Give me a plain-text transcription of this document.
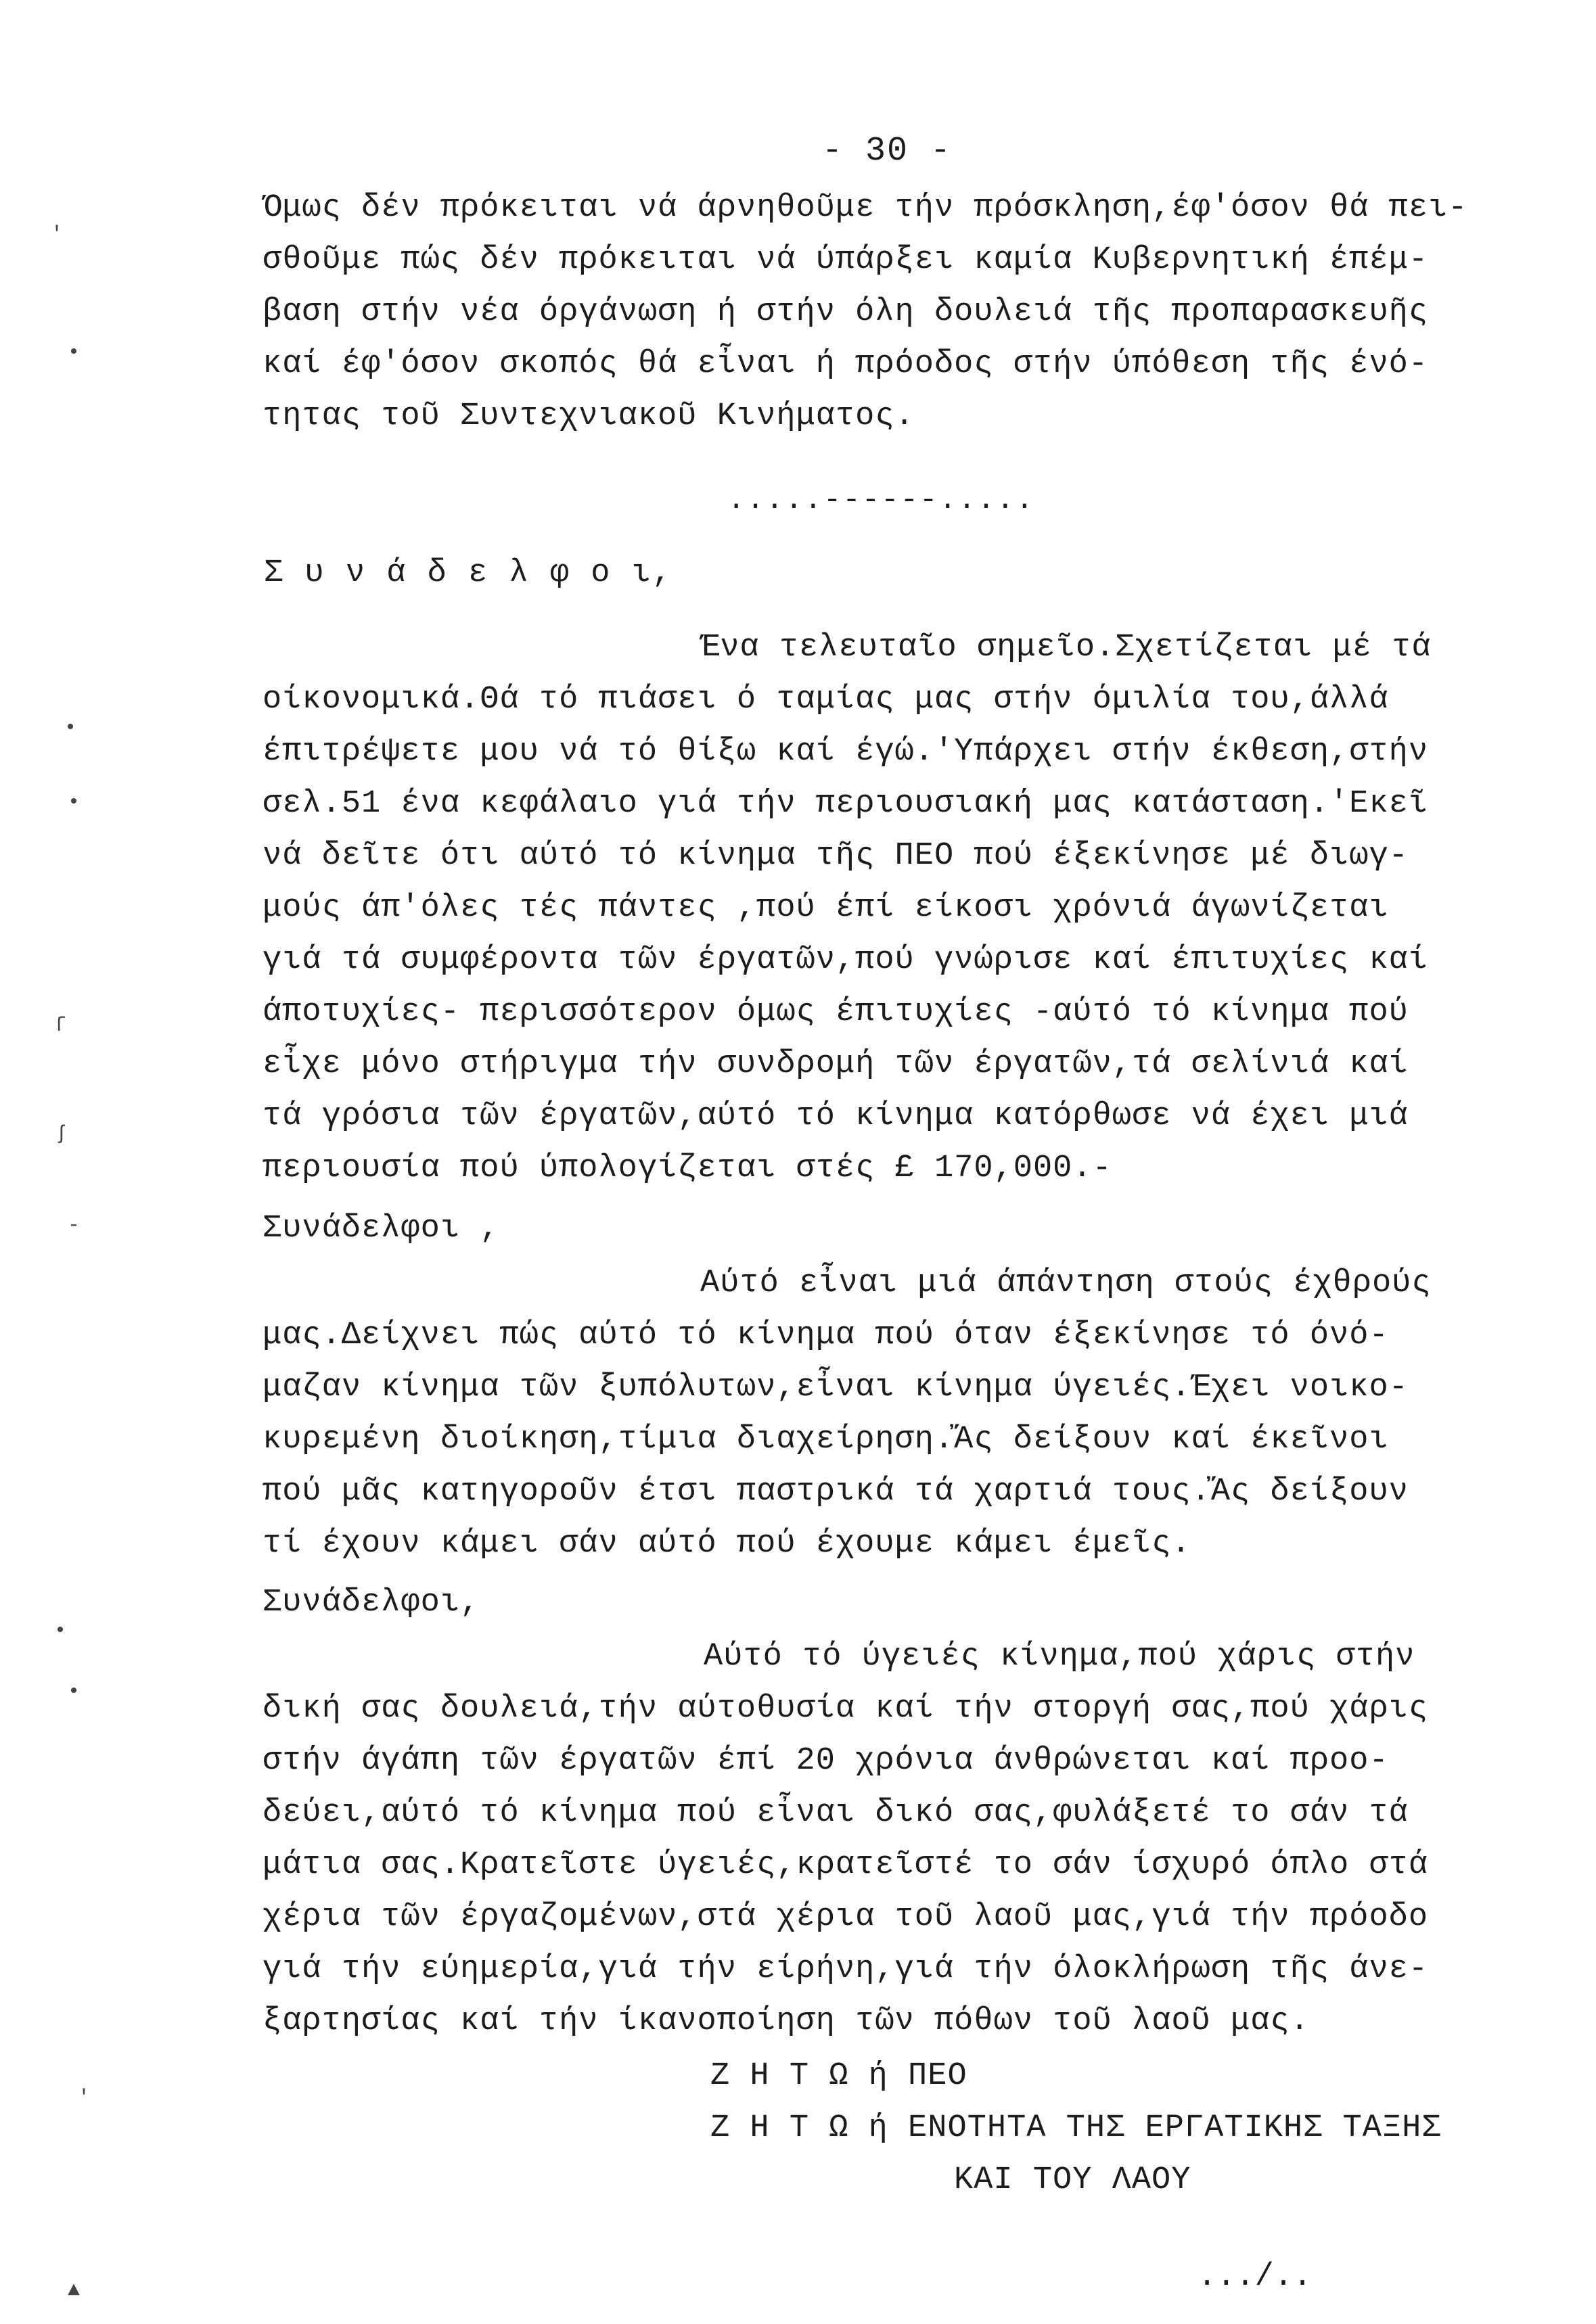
- 30 -
Όμως δέν πρόκειται νά άρνηθοῦμε τήν πρόσκληση,έφ'όσον θά πει-
σθοῦμε πώς δέν πρόκειται νά ύπάρξει καμία Κυβερνητική έπέμ-
βαση στήν νέα όργάνωση ή στήν όλη δουλειά τῆς προπαρασκευῆς
καί έφ'όσον σκοπός θά εἶναι ή πρόοδος στήν ύπόθεση τῆς ένό-
τητας τοῦ Συντεχνιακοῦ Κινήματος.
.....------.....
Σ υ ν ά δ ε λ φ ο ι,
Ένα τελευταῖο σημεῖο.Σχετίζεται μέ τά
οίκονομικά.Θά τό πιάσει ό ταμίας μας στήν όμιλία του,άλλά
έπιτρέψετε μου νά τό θίξω καί έγώ.'Υπάρχει στήν έκθεση,στήν
σελ.51 ένα κεφάλαιο γιά τήν περιουσιακή μας κατάσταση.'Εκεῖ
νά δεῖτε ότι αύτό τό κίνημα τῆς ΠΕΟ πού έξεκίνησε μέ διωγ-
μούς άπ'όλες τές πάντες ,πού έπί είκοσι χρόνιά άγωνίζεται
γιά τά συμφέροντα τῶν έργατῶν,πού γνώρισε καί έπιτυχίες καί
άποτυχίες- περισσότερον όμως έπιτυχίες -αύτό τό κίνημα πού
εἶχε μόνο στήριγμα τήν συνδρομή τῶν έργατῶν,τά σελίνιά καί
τά γρόσια τῶν έργατῶν,αύτό τό κίνημα κατόρθωσε νά έχει μιά
περιουσία πού ύπολογίζεται στές £ 170,000.-
Συνάδελφοι ,
Αύτό εἶναι μιά άπάντηση στούς έχθρούς
μας.Δείχνει πώς αύτό τό κίνημα πού όταν έξεκίνησε τό όνό-
μαζαν κίνημα τῶν ξυπόλυτων,εἶναι κίνημα ύγειές.Έχει νοικο-
κυρεμένη διοίκηση,τίμια διαχείρηση.Ἄς δείξουν καί έκεῖνοι
πού μᾶς κατηγοροῦν έτσι παστρικά τά χαρτιά τους.Ἄς δείξουν
τί έχουν κάμει σάν αύτό πού έχουμε κάμει έμεῖς.
Συνάδελφοι,
Αύτό τό ύγειές κίνημα,πού χάρις στήν
δική σας δουλειά,τήν αύτοθυσία καί τήν στοργή σας,πού χάρις
στήν άγάπη τῶν έργατῶν έπί 20 χρόνια άνθρώνεται καί προο-
δεύει,αύτό τό κίνημα πού εἶναι δικό σας,φυλάξετέ το σάν τά
μάτια σας.Κρατεῖστε ύγειές,κρατεῖστέ το σάν ίσχυρό όπλο στά
χέρια τῶν έργαζομένων,στά χέρια τοῦ λαοῦ μας,γιά τήν πρόοδο
γιά τήν εύημερία,γιά τήν είρήνη,γιά τήν όλοκλήρωση τῆς άνε-
ξαρτησίας καί τήν ίκανοποίηση τῶν πόθων τοῦ λαοῦ μας.
Ζ Η Τ Ω ή ΠΕΟ
Ζ Η Τ Ω ή ΕΝΟΤΗΤΑ ΤΗΣ ΕΡΓΑΤΙΚΗΣ ΤΑΞΗΣ
ΚΑΙ ΤΟΥ ΛΑΟΥ
.../..
'
•
•
•
ſ
ʃ
-
•
•
'
▲
